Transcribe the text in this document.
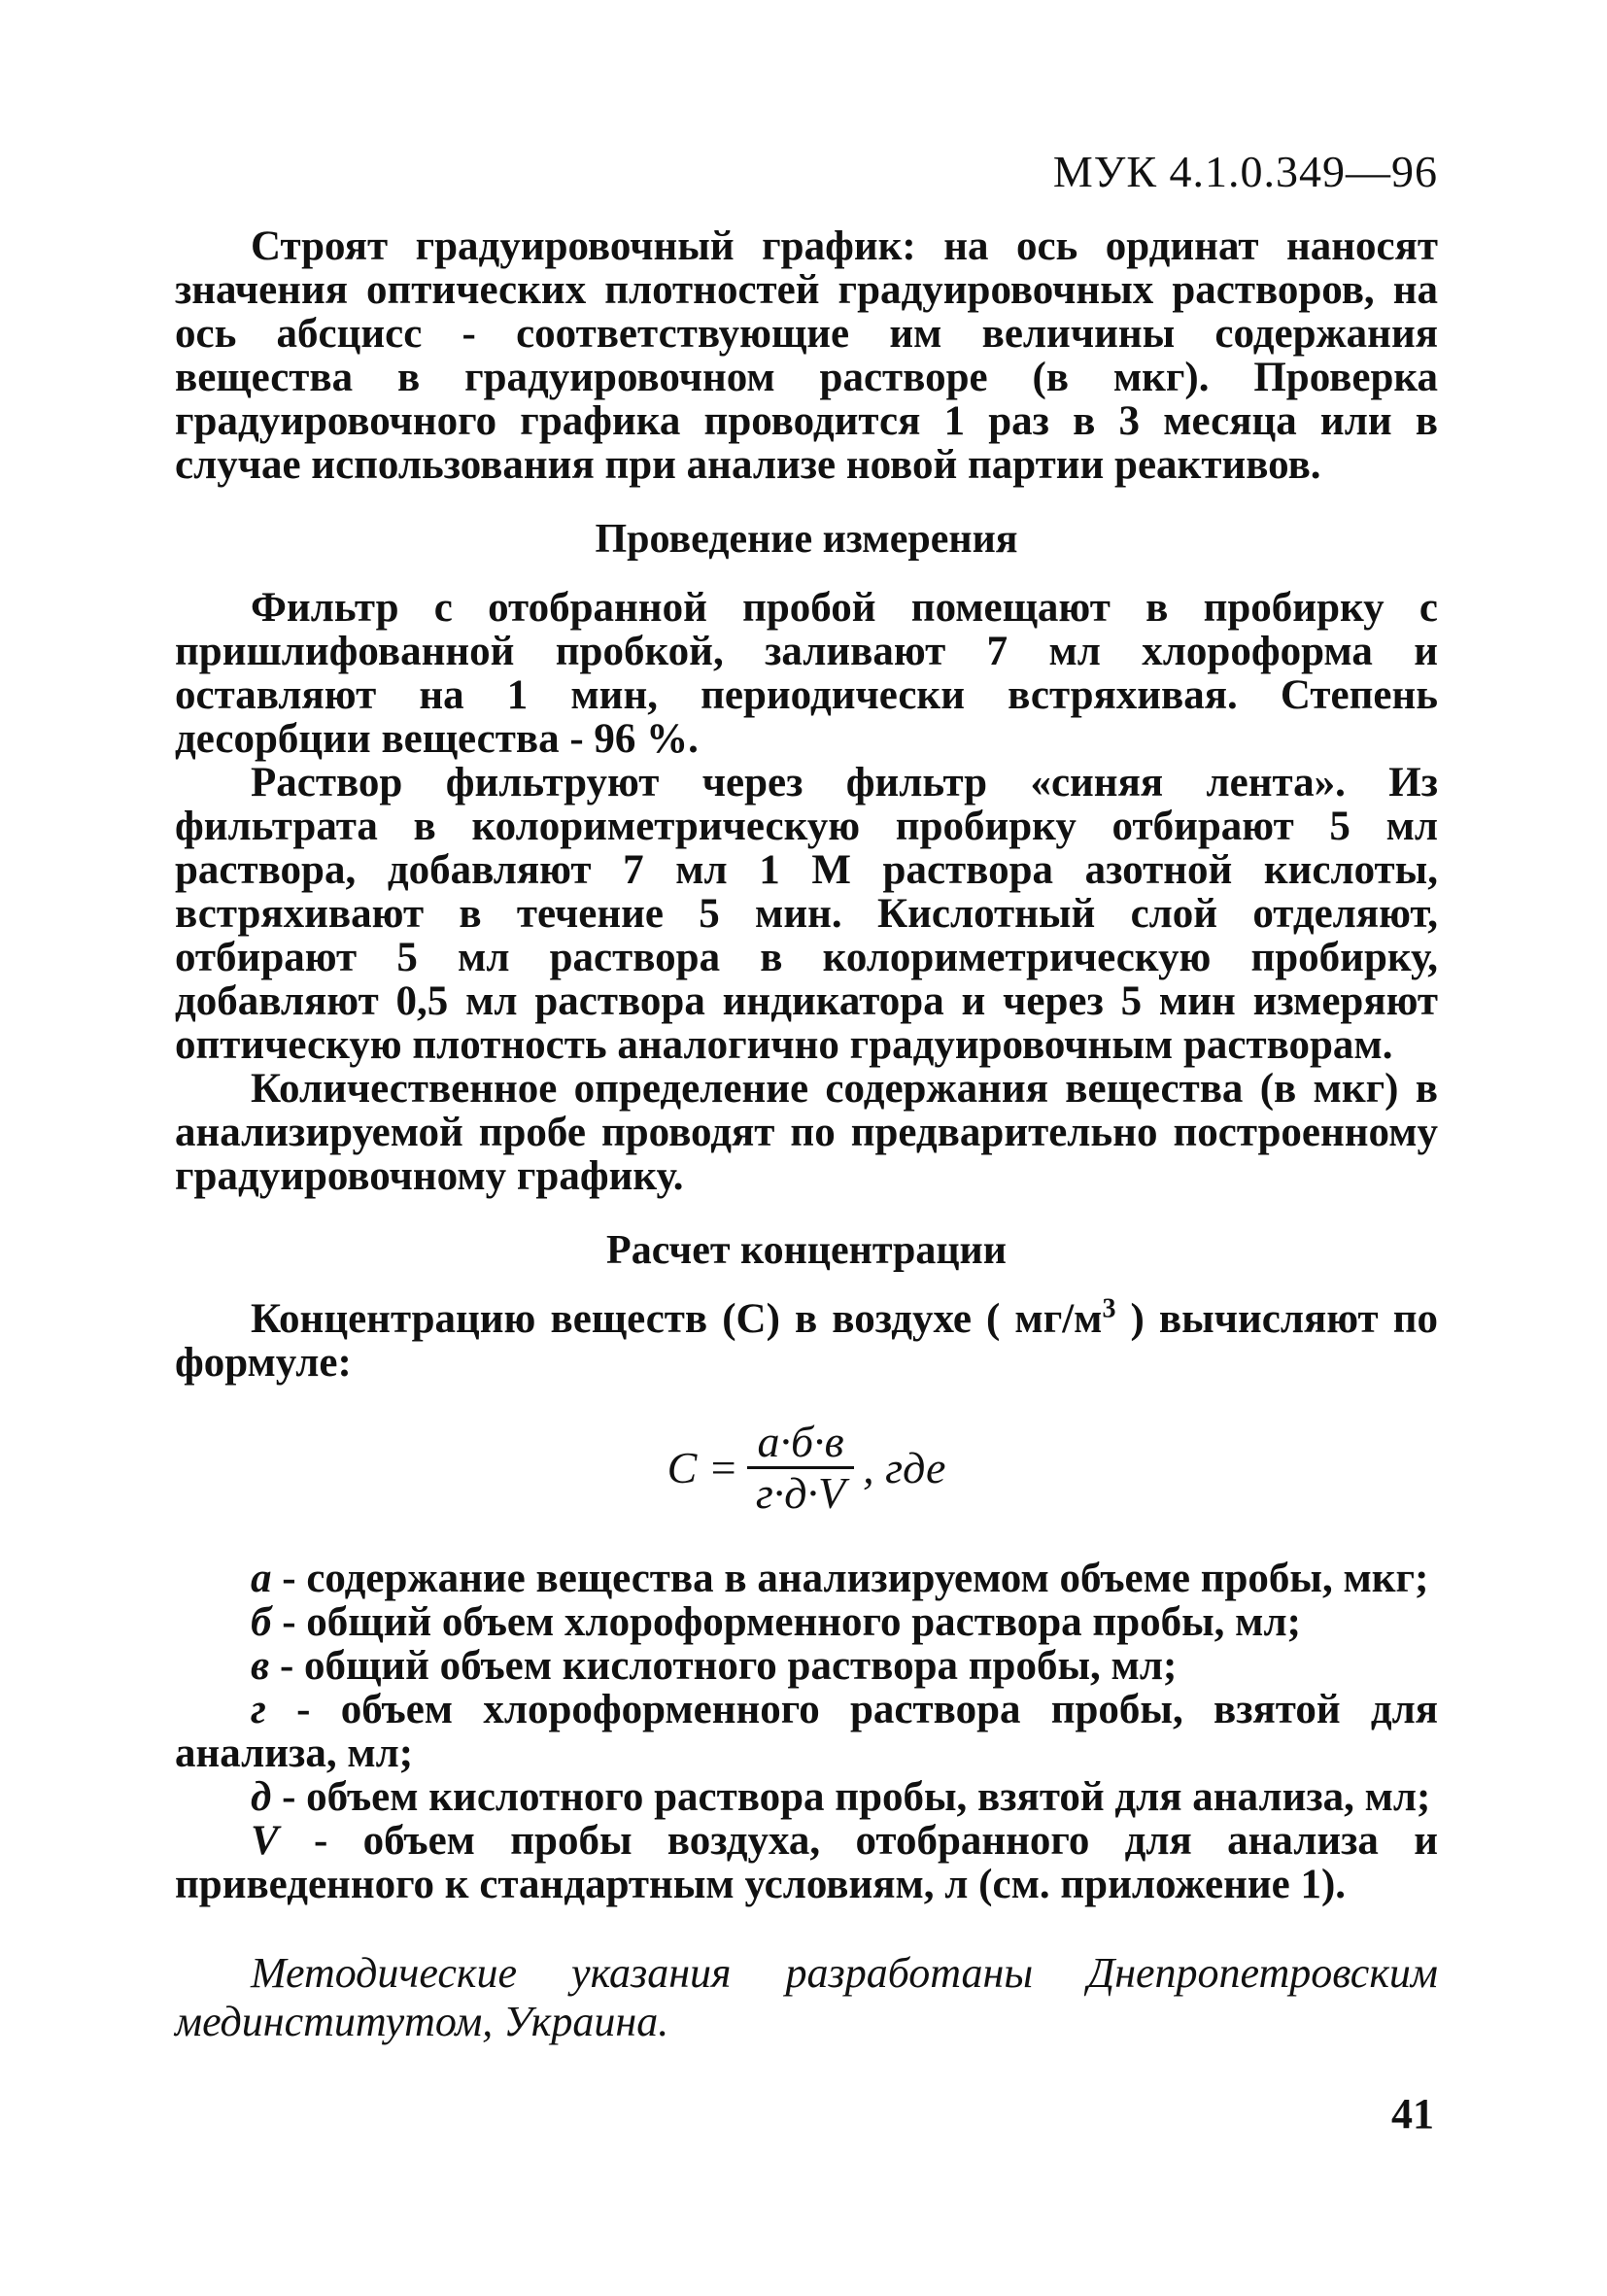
МУК 4.1.0.349—96

Строят градуировочный график: на ось ординат наносят значения оптических плотностей градуировочных растворов, на ось абсцисс - соответствующие им величины содержания вещества в градуировочном растворе (в мкг). Проверка градуировочного графика проводится 1 раз в 3 месяца или в случае использования при анализе новой партии реактивов.

Проведение измерения

Фильтр с отобранной пробой помещают в пробирку с пришлифованной пробкой, заливают 7 мл хлороформа и оставляют на 1 мин, периодически встряхивая. Степень десорбции вещества - 96 %.

Раствор фильтруют через фильтр «синяя лента». Из фильтрата в колориметрическую пробирку отбирают 5 мл раствора, добавляют 7 мл 1 М раствора азотной кислоты, встряхивают в течение 5 мин. Кислотный слой отделяют, отбирают 5 мл раствора в колориметрическую пробирку, добавляют 0,5 мл раствора индикатора и через 5 мин измеряют оптическую плотность аналогично градуировочным растворам.

Количественное определение содержания вещества (в мкг) в анализируемой пробе проводят по предварительно построенному градуировочному графику.

Расчет концентрации

Концентрацию веществ (С) в воздухе ( $мг/м^3$ ) вычисляют по формуле:

$C = \frac{а\cdot б\cdot в}{г\cdot д\cdot V}$ , где

а - содержание вещества в анализируемом объеме пробы, мкг;

б - общий объем хлороформенного раствора пробы, мл;

в - общий объем кислотного раствора пробы, мл;

г - объем хлороформенного раствора пробы, взятой для анализа, мл;

д - объем кислотного раствора пробы, взятой для анализа, мл;

V - объем пробы воздуха, отобранного для анализа и приведенного к стандартным условиям, л (см. приложение 1).

Методические указания разработаны Днепропетровским мединститутом, Украина.

41
